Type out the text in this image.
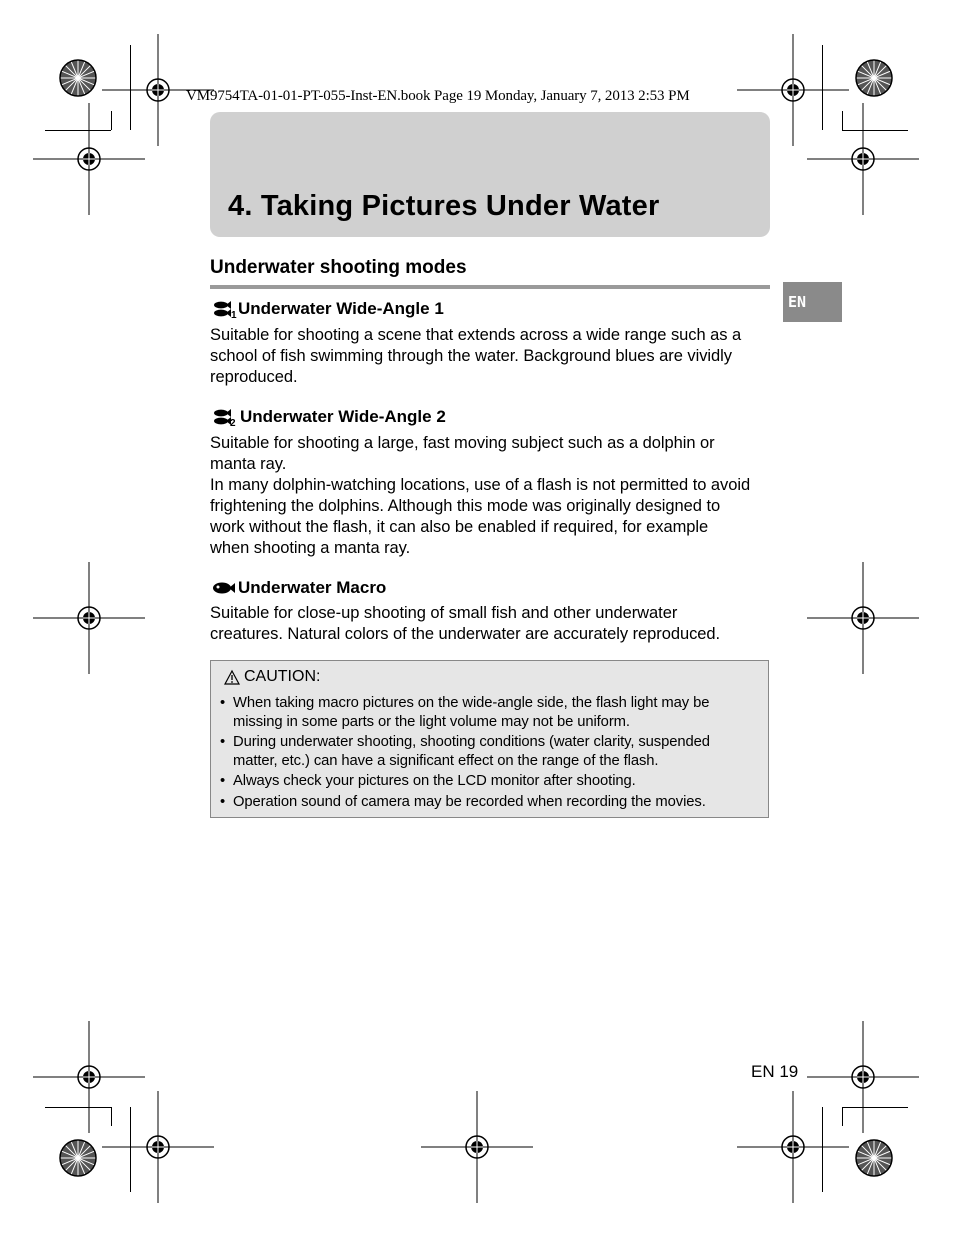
VM9754TA-01-01-PT-055-Inst-EN.book Page 19 Monday, January 7, 2013 2:53 PM
4. Taking Pictures Under Water
Underwater shooting modes
EN
1 Underwater Wide-Angle 1
Suitable for shooting a scene that extends across a wide range such as a
school of fish swimming through the water. Background blues are vividly
reproduced.
2 Underwater Wide-Angle 2
Suitable for shooting a large, fast moving subject such as a dolphin or
manta ray.
In many dolphin-watching locations, use of a flash is not permitted to avoid
frightening the dolphins. Although this mode was originally designed to
work without the flash, it can also be enabled if required, for example
when shooting a manta ray.
Underwater Macro
Suitable for close-up shooting of small fish and other underwater
creatures. Natural colors of the underwater are accurately reproduced.
CAUTION:
• When taking macro pictures on the wide-angle side, the flash light may be
missing in some parts or the light volume may not be uniform.
• During underwater shooting, shooting conditions (water clarity, suspended
matter, etc.) can have a significant effect on the range of the flash.
• Always check your pictures on the LCD monitor after shooting.
• Operation sound of camera may be recorded when recording the movies.
EN 19
